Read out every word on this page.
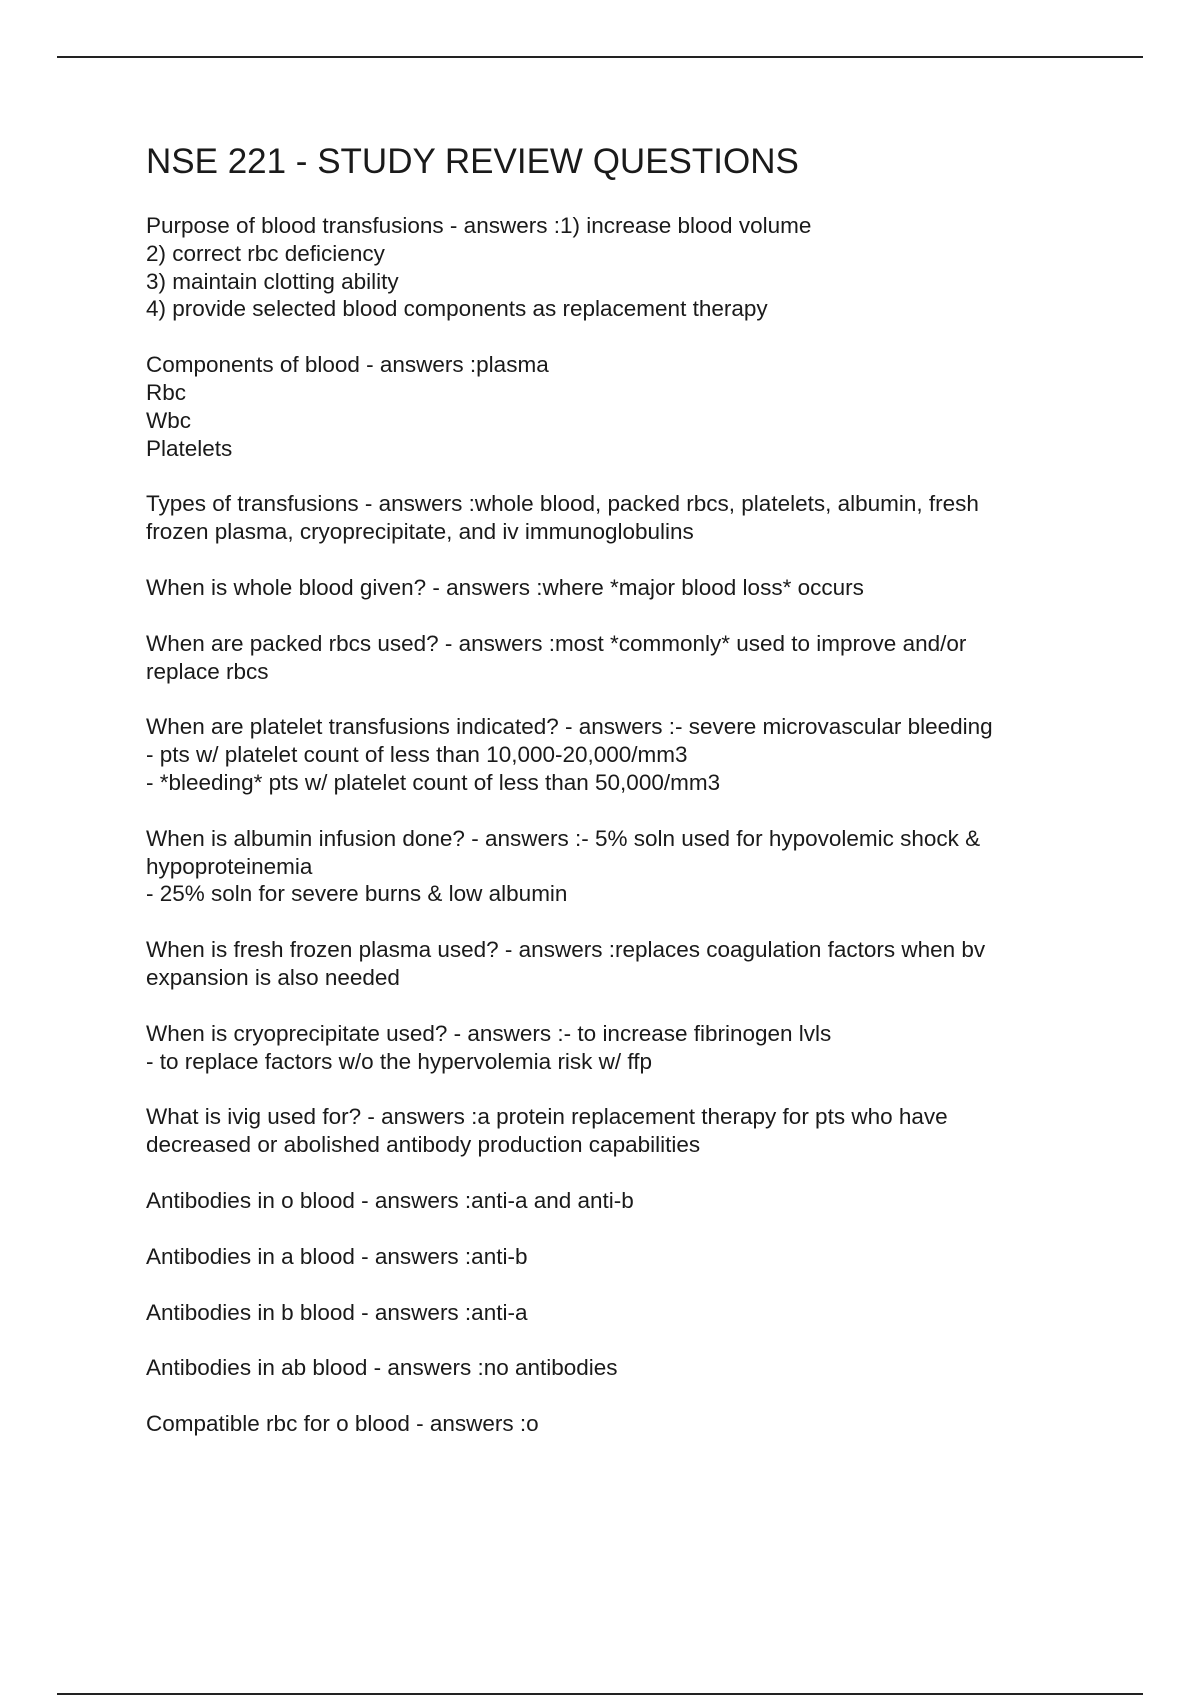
NSE 221 - STUDY REVIEW QUESTIONS
Purpose of blood transfusions - answers :1) increase blood volume
2) correct rbc deficiency
3) maintain clotting ability
4) provide selected blood components as replacement therapy
Components of blood - answers :plasma
Rbc
Wbc
Platelets
Types of transfusions - answers :whole blood, packed rbcs, platelets, albumin, fresh
frozen plasma, cryoprecipitate, and iv immunoglobulins
When is whole blood given? - answers :where *major blood loss* occurs
When are packed rbcs used? - answers :most *commonly* used to improve and/or
replace rbcs
When are platelet transfusions indicated? - answers :- severe microvascular bleeding
- pts w/ platelet count of less than 10,000-20,000/mm3
- *bleeding* pts w/ platelet count of less than 50,000/mm3
When is albumin infusion done? - answers :- 5% soln used for hypovolemic shock &
hypoproteinemia
- 25% soln for severe burns & low albumin
When is fresh frozen plasma used? - answers :replaces coagulation factors when bv
expansion is also needed
When is cryoprecipitate used? - answers :- to increase fibrinogen lvls
- to replace factors w/o the hypervolemia risk w/ ffp
What is ivig used for? - answers :a protein replacement therapy for pts who have
decreased or abolished antibody production capabilities
Antibodies in o blood - answers :anti-a and anti-b
Antibodies in a blood - answers :anti-b
Antibodies in b blood - answers :anti-a
Antibodies in ab blood - answers :no antibodies
Compatible rbc for o blood - answers :o
